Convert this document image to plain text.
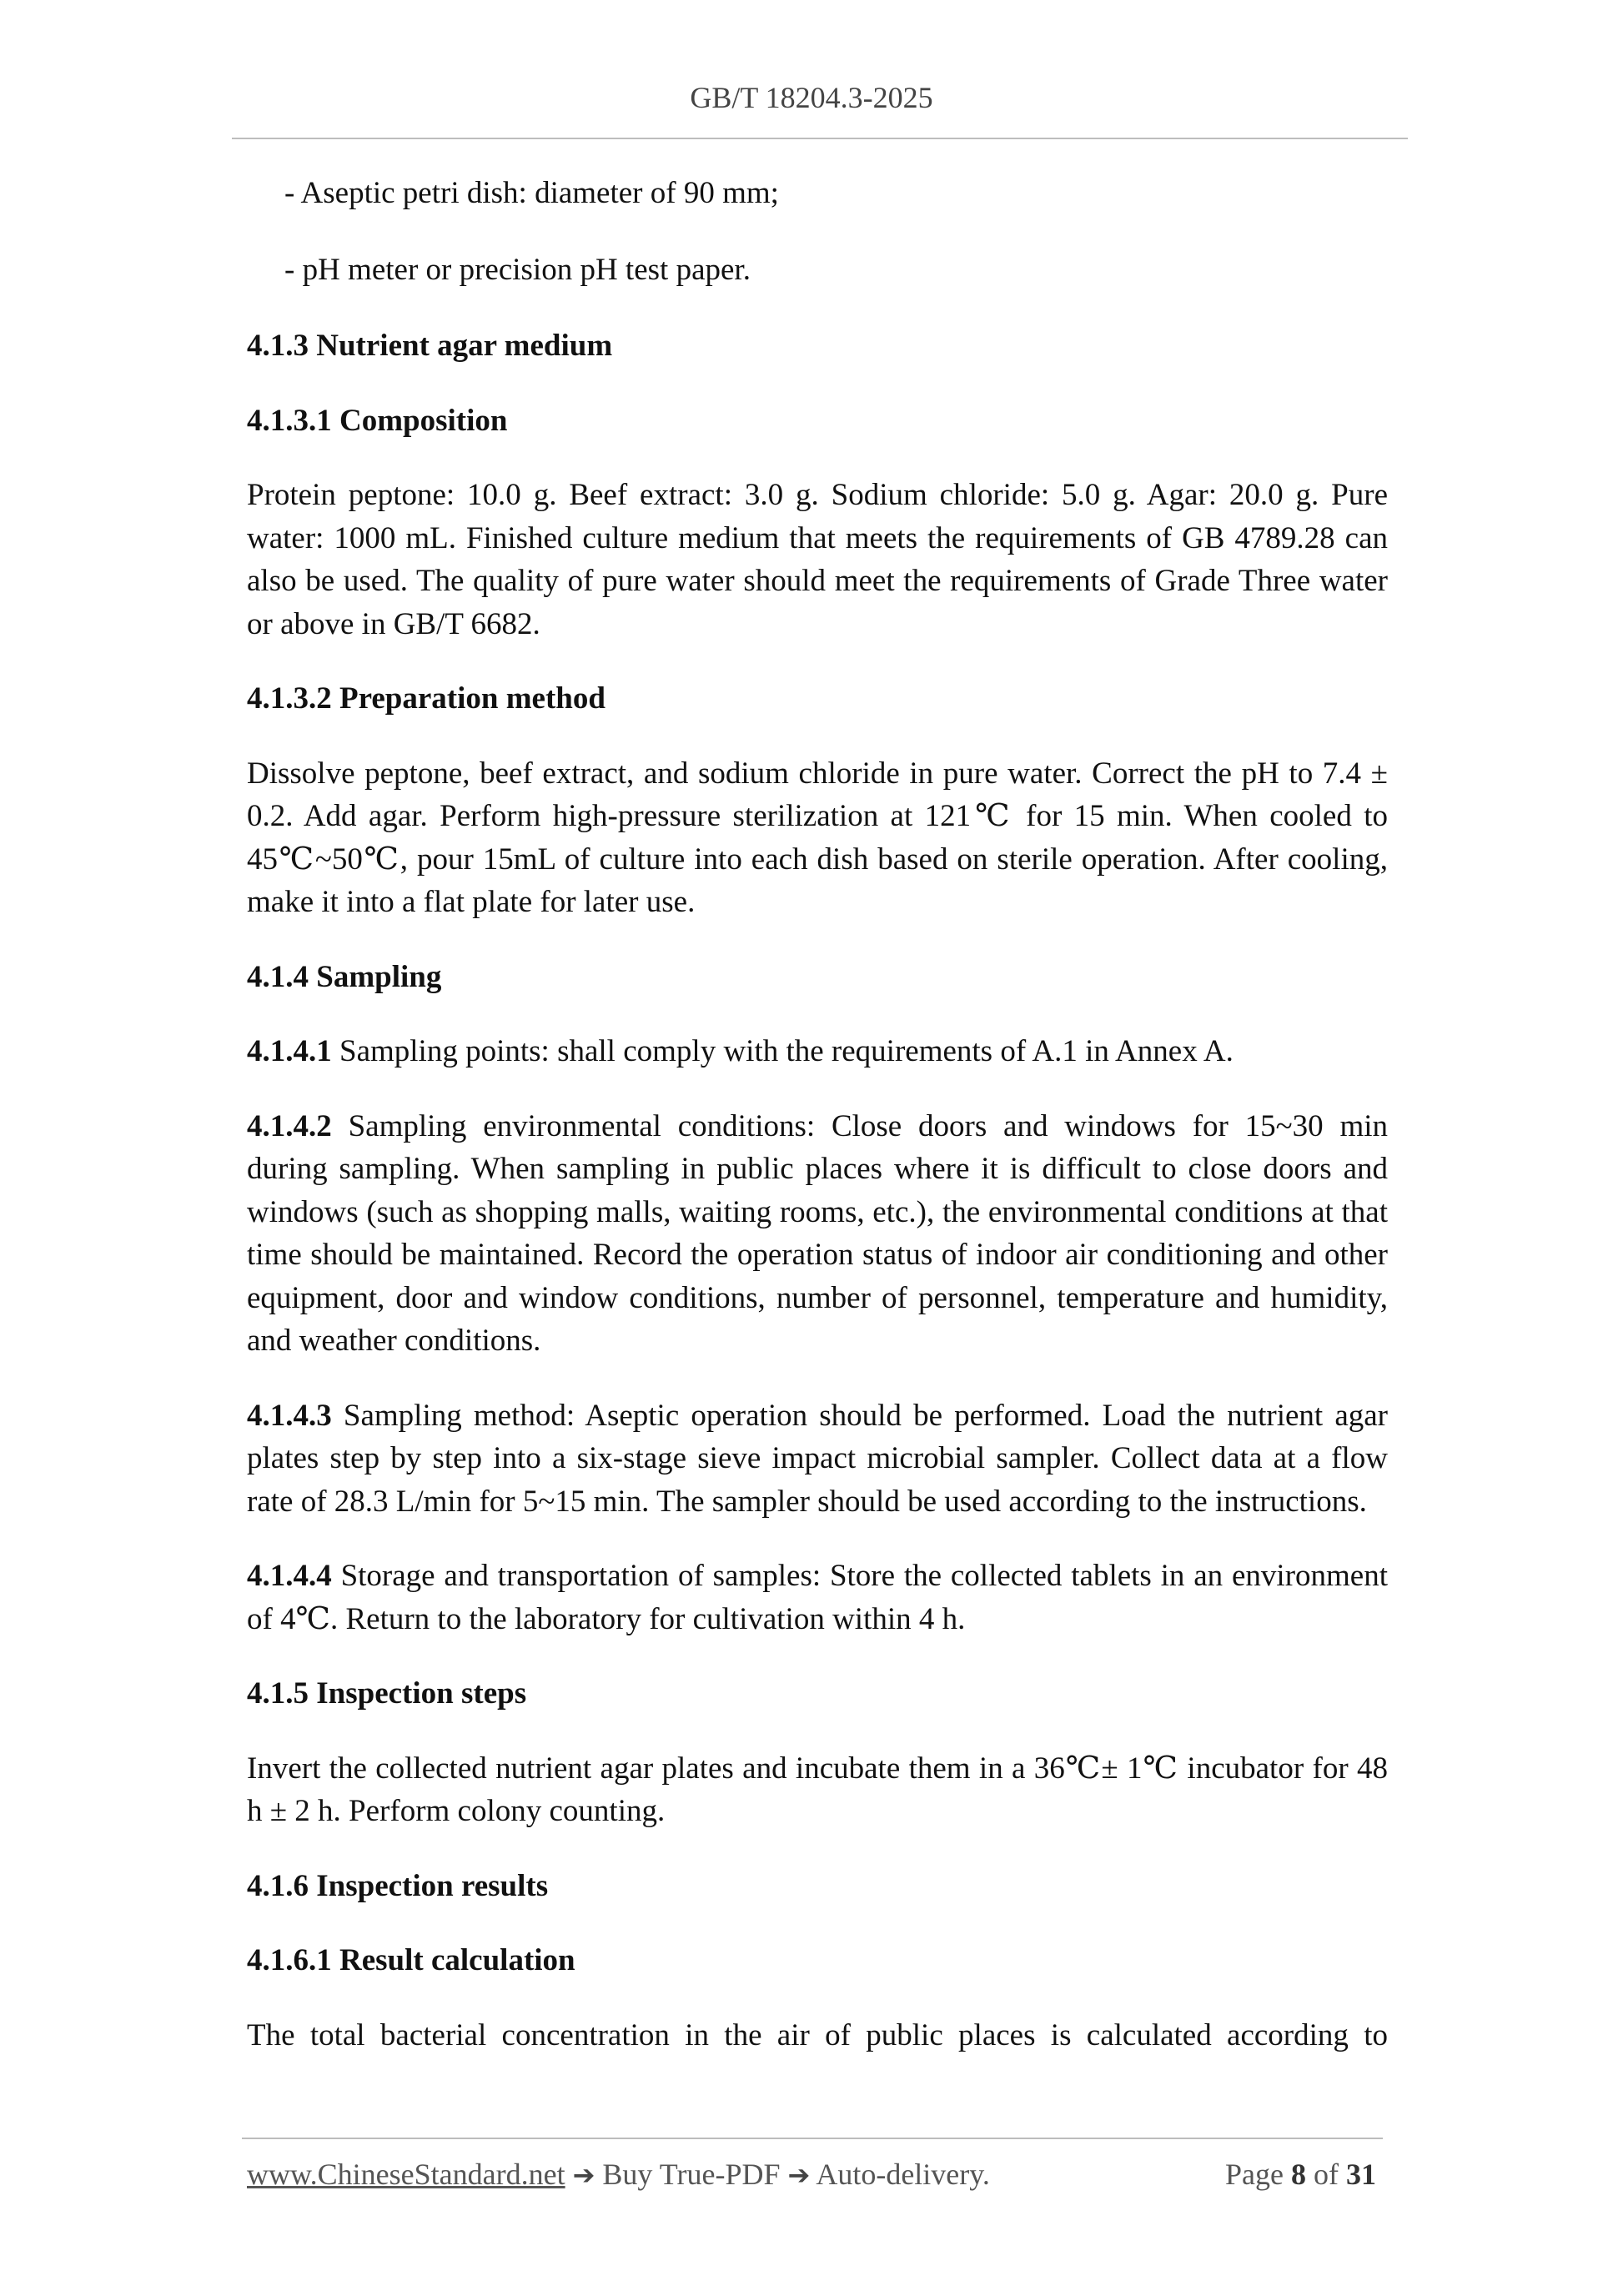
GB/T 18204.3-2025
- Aseptic petri dish: diameter of 90 mm;
- pH meter or precision pH test paper.
4.1.3 Nutrient agar medium
4.1.3.1 Composition
Protein peptone: 10.0 g. Beef extract: 3.0 g. Sodium chloride: 5.0 g. Agar: 20.0 g. Pure water: 1000 mL. Finished culture medium that meets the requirements of GB 4789.28 can also be used. The quality of pure water should meet the requirements of Grade Three water or above in GB/T 6682.
4.1.3.2 Preparation method
Dissolve peptone, beef extract, and sodium chloride in pure water. Correct the pH to 7.4 ± 0.2. Add agar. Perform high-pressure sterilization at 121℃ for 15 min. When cooled to 45℃~50℃, pour 15mL of culture into each dish based on sterile operation. After cooling, make it into a flat plate for later use.
4.1.4 Sampling
4.1.4.1 Sampling points: shall comply with the requirements of A.1 in Annex A.
4.1.4.2 Sampling environmental conditions: Close doors and windows for 15~30 min during sampling. When sampling in public places where it is difficult to close doors and windows (such as shopping malls, waiting rooms, etc.), the environmental conditions at that time should be maintained. Record the operation status of indoor air conditioning and other equipment, door and window conditions, number of personnel, temperature and humidity, and weather conditions.
4.1.4.3 Sampling method: Aseptic operation should be performed. Load the nutrient agar plates step by step into a six-stage sieve impact microbial sampler. Collect data at a flow rate of 28.3 L/min for 5~15 min. The sampler should be used according to the instructions.
4.1.4.4 Storage and transportation of samples: Store the collected tablets in an environment of 4℃. Return to the laboratory for cultivation within 4 h.
4.1.5 Inspection steps
Invert the collected nutrient agar plates and incubate them in a 36℃± 1℃ incubator for 48 h ± 2 h. Perform colony counting.
4.1.6 Inspection results
4.1.6.1 Result calculation
The total bacterial concentration in the air of public places is calculated according to
www.ChineseStandard.net ➔ Buy True-PDF ➔ Auto-delivery.	Page 8 of 31
